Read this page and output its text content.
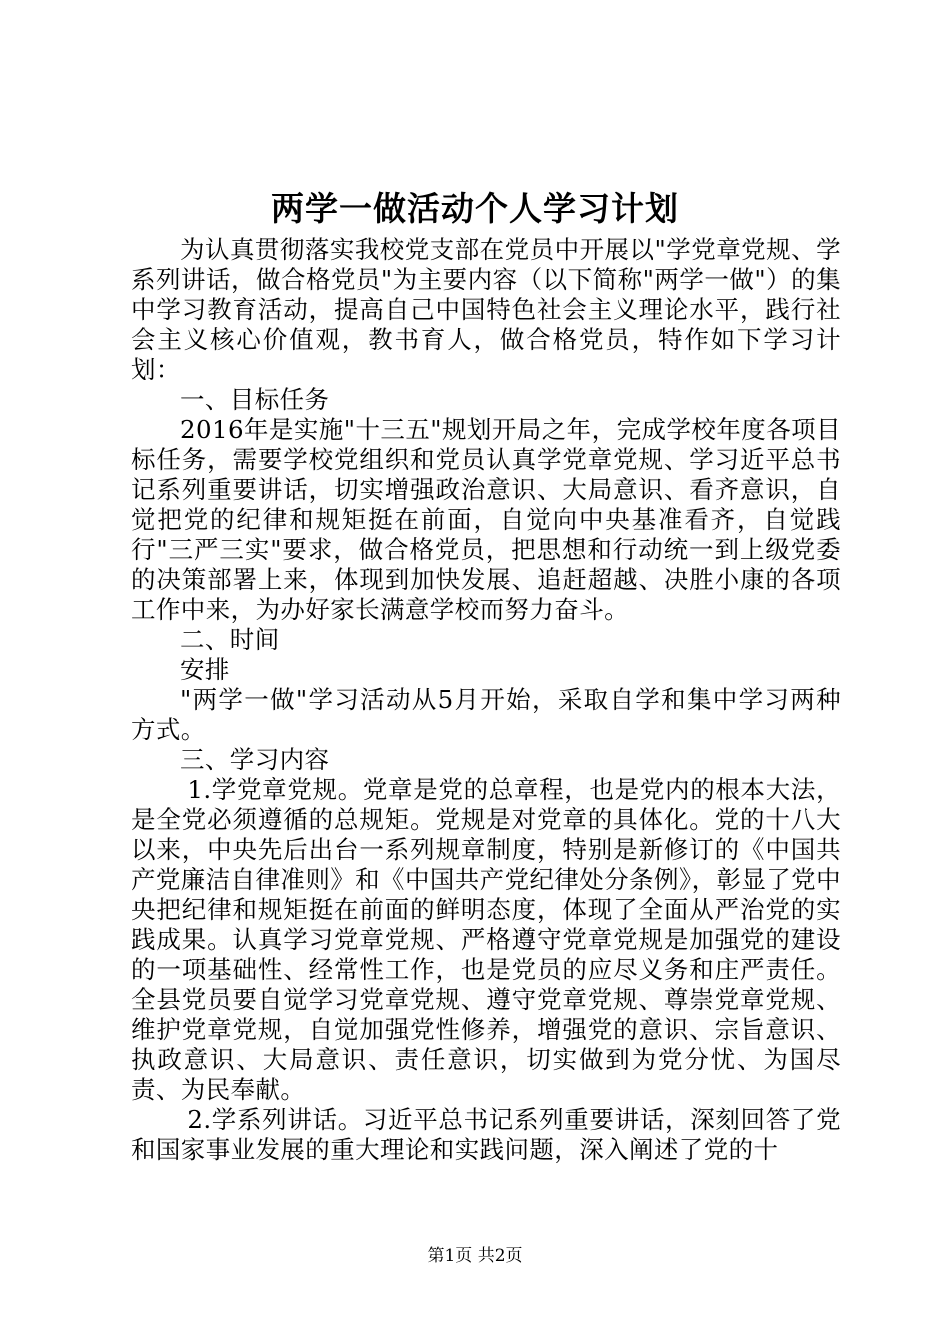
两学一做活动个人学习计划

为认真贯彻落实我校党支部在党员中开展以"学党章党规、学系列讲话，做合格党员"为主要内容（以下简称"两学一做"）的集中学习教育活动，提高自己中国特色社会主义理论水平，践行社会主义核心价值观，教书育人，做合格党员，特作如下学习计划：

一、目标任务

2016年是实施"十三五"规划开局之年，完成学校年度各项目标任务，需要学校党组织和党员认真学党章党规、学习近平总书记系列重要讲话，切实增强政治意识、大局意识、看齐意识，自觉把党的纪律和规矩挺在前面，自觉向中央基准看齐，自觉践行"三严三实"要求，做合格党员，把思想和行动统一到上级党委的决策部署上来，体现到加快发展、追赶超越、决胜小康的各项工作中来，为办好家长满意学校而努力奋斗。

二、时间

安排

"两学一做"学习活动从5月开始，采取自学和集中学习两种方式。

三、学习内容

1.学党章党规。党章是党的总章程，也是党内的根本大法，是全党必须遵循的总规矩。党规是对党章的具体化。党的十八大以来，中央先后出台一系列规章制度，特别是新修订的《中国共产党廉洁自律准则》和《中国共产党纪律处分条例》，彰显了党中央把纪律和规矩挺在前面的鲜明态度，体现了全面从严治党的实践成果。认真学习党章党规、严格遵守党章党规是加强党的建设的一项基础性、经常性工作，也是党员的应尽义务和庄严责任。全县党员要自觉学习党章党规、遵守党章党规、尊崇党章党规、维护党章党规，自觉加强党性修养，增强党的意识、宗旨意识、执政意识、大局意识、责任意识，切实做到为党分忧、为国尽责、为民奉献。

2.学系列讲话。习近平总书记系列重要讲话，深刻回答了党和国家事业发展的重大理论和实践问题，深入阐述了党的十

第1页 共2页
